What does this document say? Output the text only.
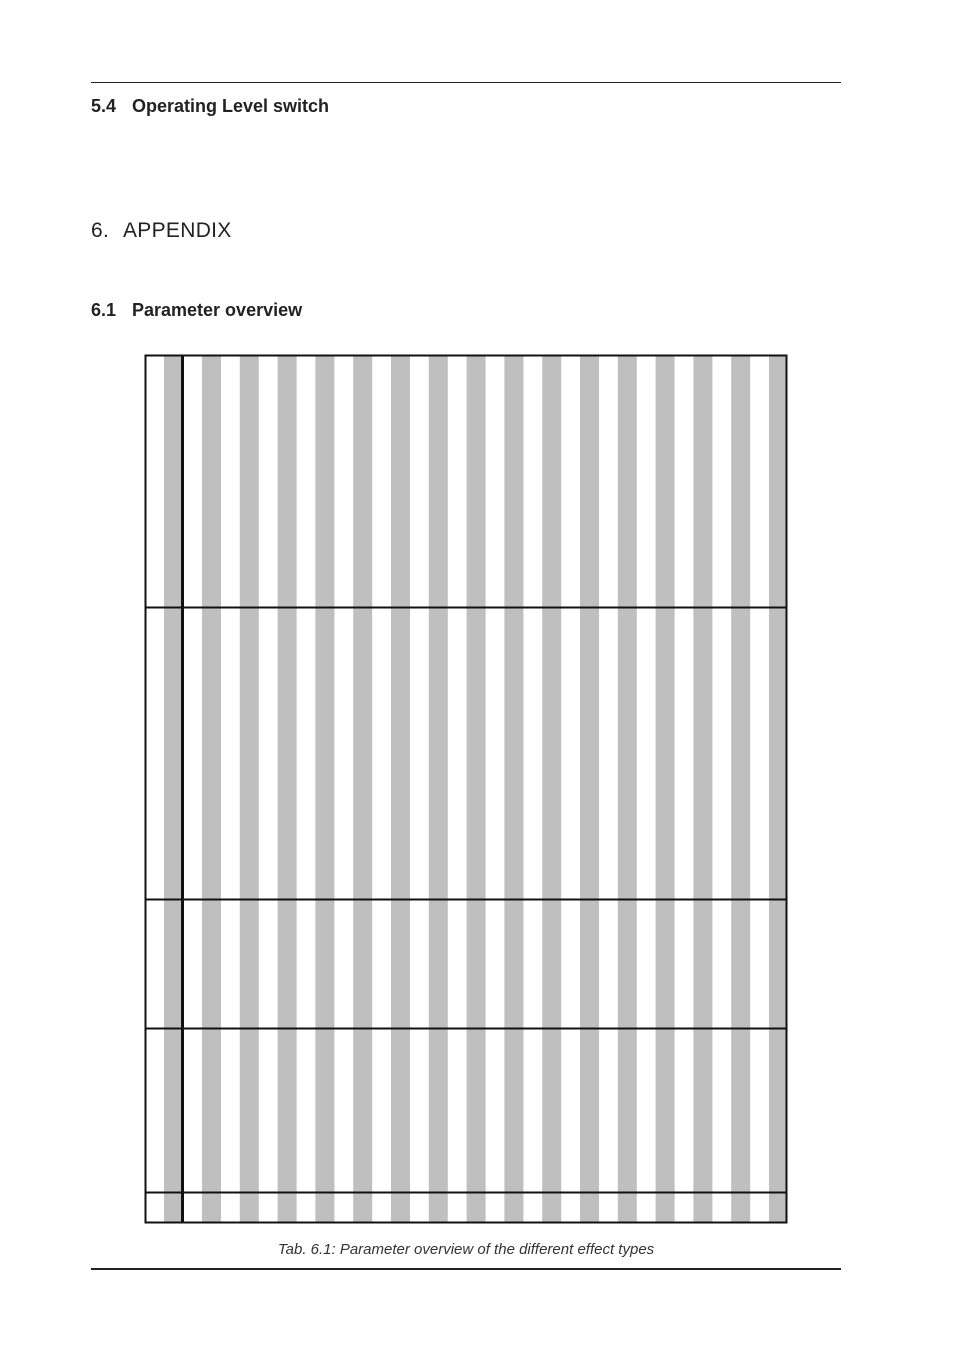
5.4 Operating Level switch
6. APPENDIX
6.1 Parameter overview
Tab. 6.1: Parameter overview of the different effect types
